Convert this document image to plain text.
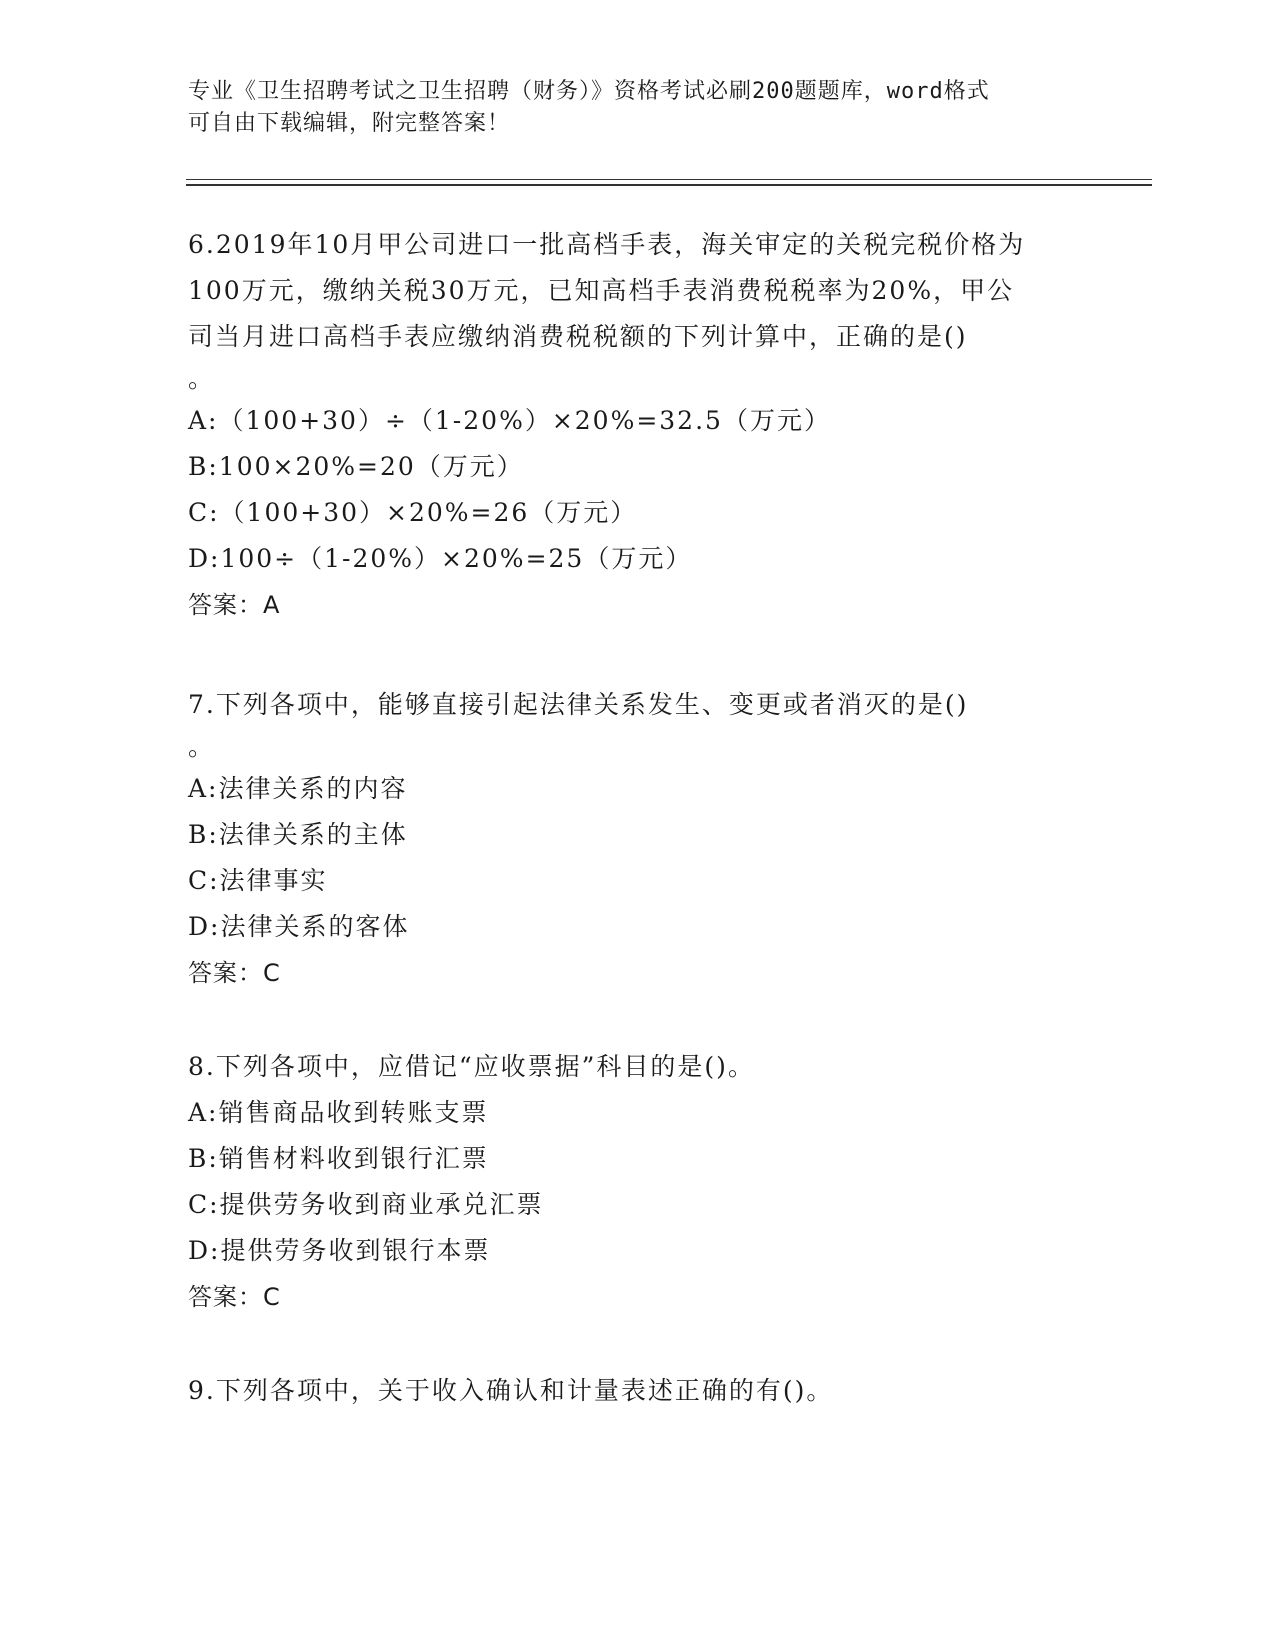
专业《卫生招聘考试之卫生招聘（财务）》资格考试必刷200题题库，word格式
可自由下载编辑，附完整答案！
6.2019年10月甲公司进口一批高档手表，海关审定的关税完税价格为
100万元，缴纳关税30万元，已知高档手表消费税税率为20%，甲公
司当月进口高档手表应缴纳消费税税额的下列计算中，正确的是()
。
A:（100+30）÷（1-20%）×20%=32.5（万元）
B:100×20%=20（万元）
C:（100+30）×20%=26（万元）
D:100÷（1-20%）×20%=25（万元）
答案：A
7.下列各项中，能够直接引起法律关系发生、变更或者消灭的是()
。
A:法律关系的内容
B:法律关系的主体
C:法律事实
D:法律关系的客体
答案：C
8.下列各项中，应借记“应收票据”科目的是()。
A:销售商品收到转账支票
B:销售材料收到银行汇票
C:提供劳务收到商业承兑汇票
D:提供劳务收到银行本票
答案：C
9.下列各项中，关于收入确认和计量表述正确的有()。
